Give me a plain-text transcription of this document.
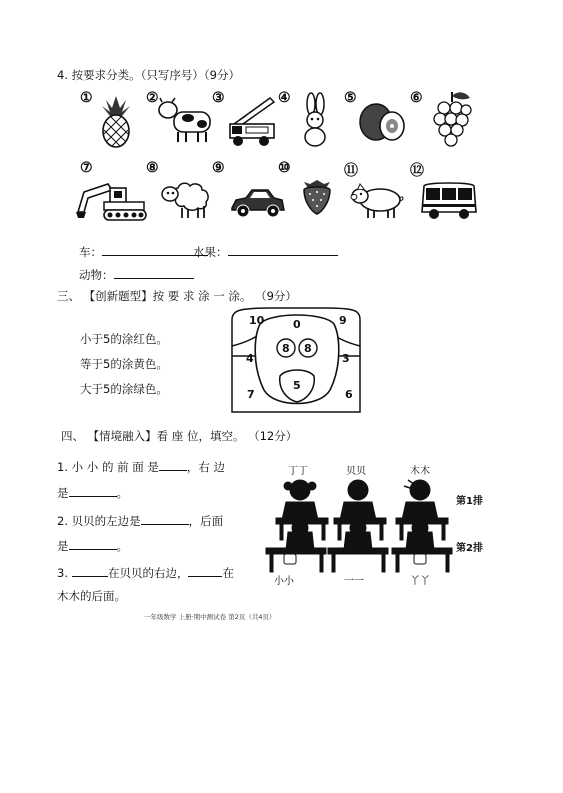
4. 按要求分类。（只写序号）（9分）
①	②	③	④	⑤	⑥
⑦	⑧	⑨	⑩	⑪	⑫
车：	水果：
动物：
三、 【创新题型】按 要 求 涂 一 涂。 （9分）
小于5的涂红色。
等于5的涂黄色。
大于5的涂绿色。
10	0	9
8 8
4	3
5
7	6
四、 【情境融入】看 座 位，填空。 （12分）
1. 小 小 的 前 面 是 ，右 边
是	。
2. 贝贝的左边是	，后面
是	。
3.	在贝贝的右边，	在
木木的后面。
丁丁	贝贝	木木
第1排
第2排
小小	一一	丫丫
一年级数学 上册·期中测试卷 第2页（共4页）
